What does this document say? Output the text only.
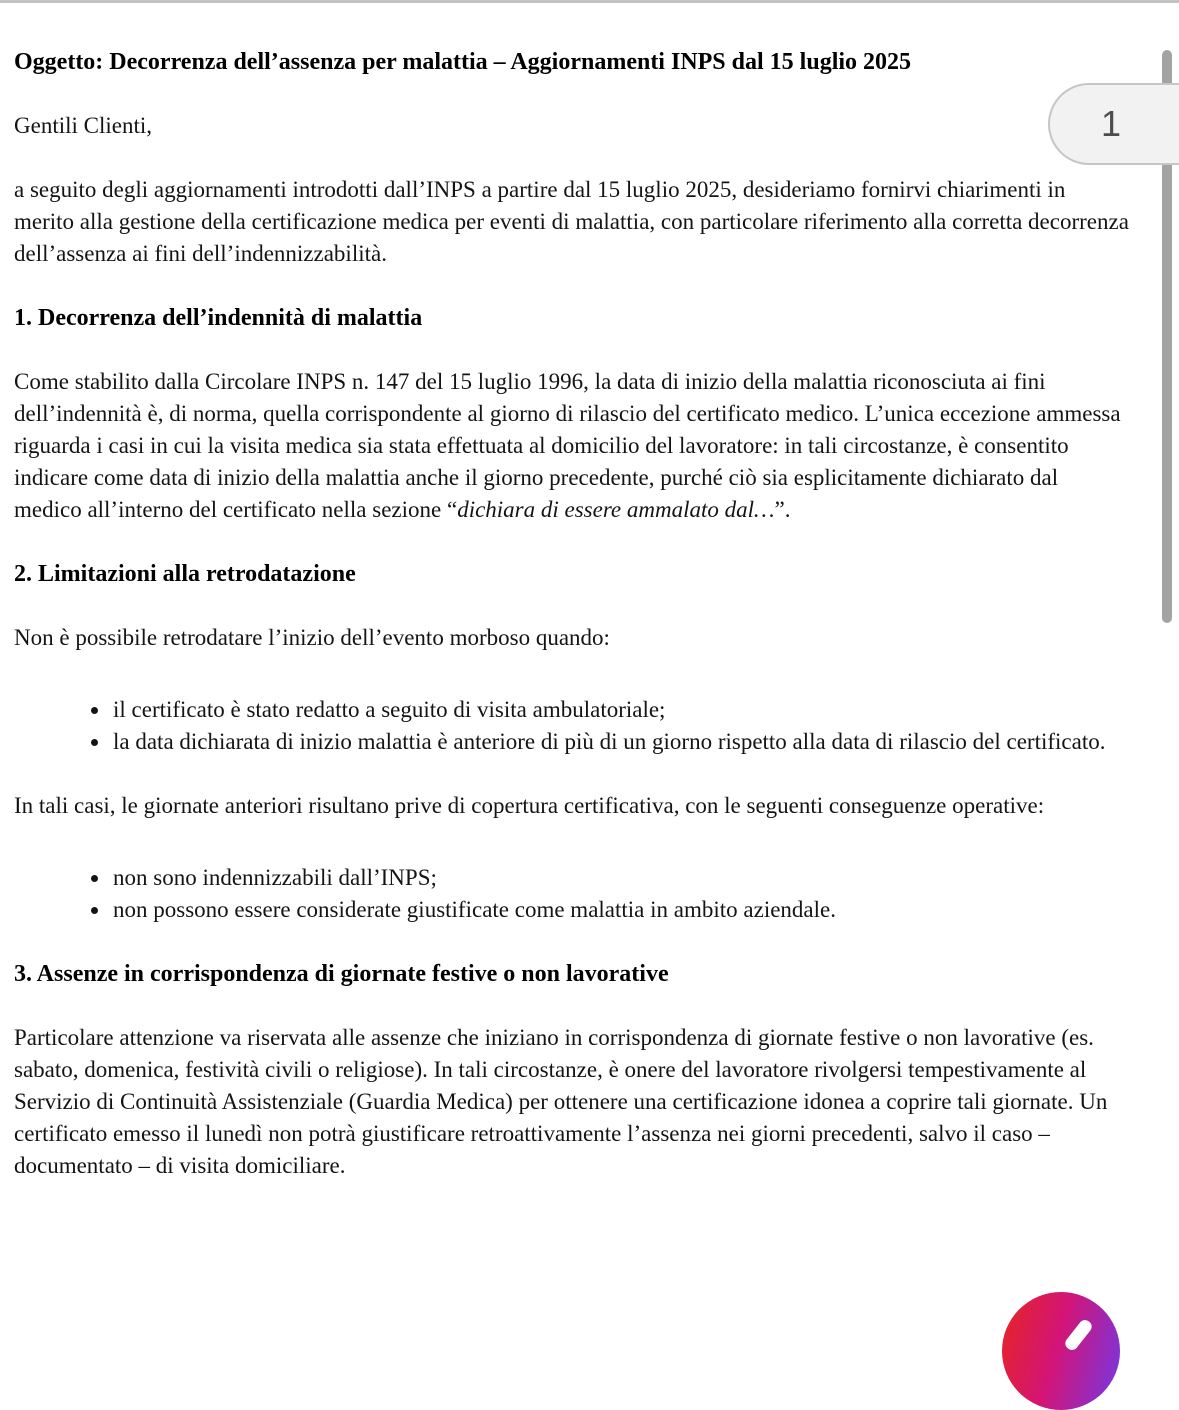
Oggetto: Decorrenza dell’assenza per malattia – Aggiornamenti INPS dal 15 luglio 2025

Gentili Clienti,

a seguito degli aggiornamenti introdotti dall’INPS a partire dal 15 luglio 2025, desideriamo fornirvi chiarimenti in merito alla gestione della certificazione medica per eventi di malattia, con particolare riferimento alla corretta decorrenza dell’assenza ai fini dell’indennizzabilità.

1. Decorrenza dell’indennità di malattia

Come stabilito dalla Circolare INPS n. 147 del 15 luglio 1996, la data di inizio della malattia riconosciuta ai fini dell’indennità è, di norma, quella corrispondente al giorno di rilascio del certificato medico. L’unica eccezione ammessa riguarda i casi in cui la visita medica sia stata effettuata al domicilio del lavoratore: in tali circostanze, è consentito indicare come data di inizio della malattia anche il giorno precedente, purché ciò sia esplicitamente dichiarato dal medico all’interno del certificato nella sezione “dichiara di essere ammalato dal…”.

2. Limitazioni alla retrodatazione

Non è possibile retrodatare l’inizio dell’evento morboso quando:

• il certificato è stato redatto a seguito di visita ambulatoriale;
• la data dichiarata di inizio malattia è anteriore di più di un giorno rispetto alla data di rilascio del certificato.

In tali casi, le giornate anteriori risultano prive di copertura certificativa, con le seguenti conseguenze operative:

• non sono indennizzabili dall’INPS;
• non possono essere considerate giustificate come malattia in ambito aziendale.
3. Assenze in corrispondenza di giornate festive o non lavorative

Particolare attenzione va riservata alle assenze che iniziano in corrispondenza di giornate festive o non lavorative (es. sabato, domenica, festività civili o religiose). In tali circostanze, è onere del lavoratore rivolgersi tempestivamente al Servizio di Continuità Assistenziale (Guardia Medica) per ottenere una certificazione idonea a coprire tali giornate. Un certificato emesso il lunedì non potrà giustificare retroattivamente l’assenza nei giorni precedenti, salvo il caso – documentato – di visita domiciliare.

1
